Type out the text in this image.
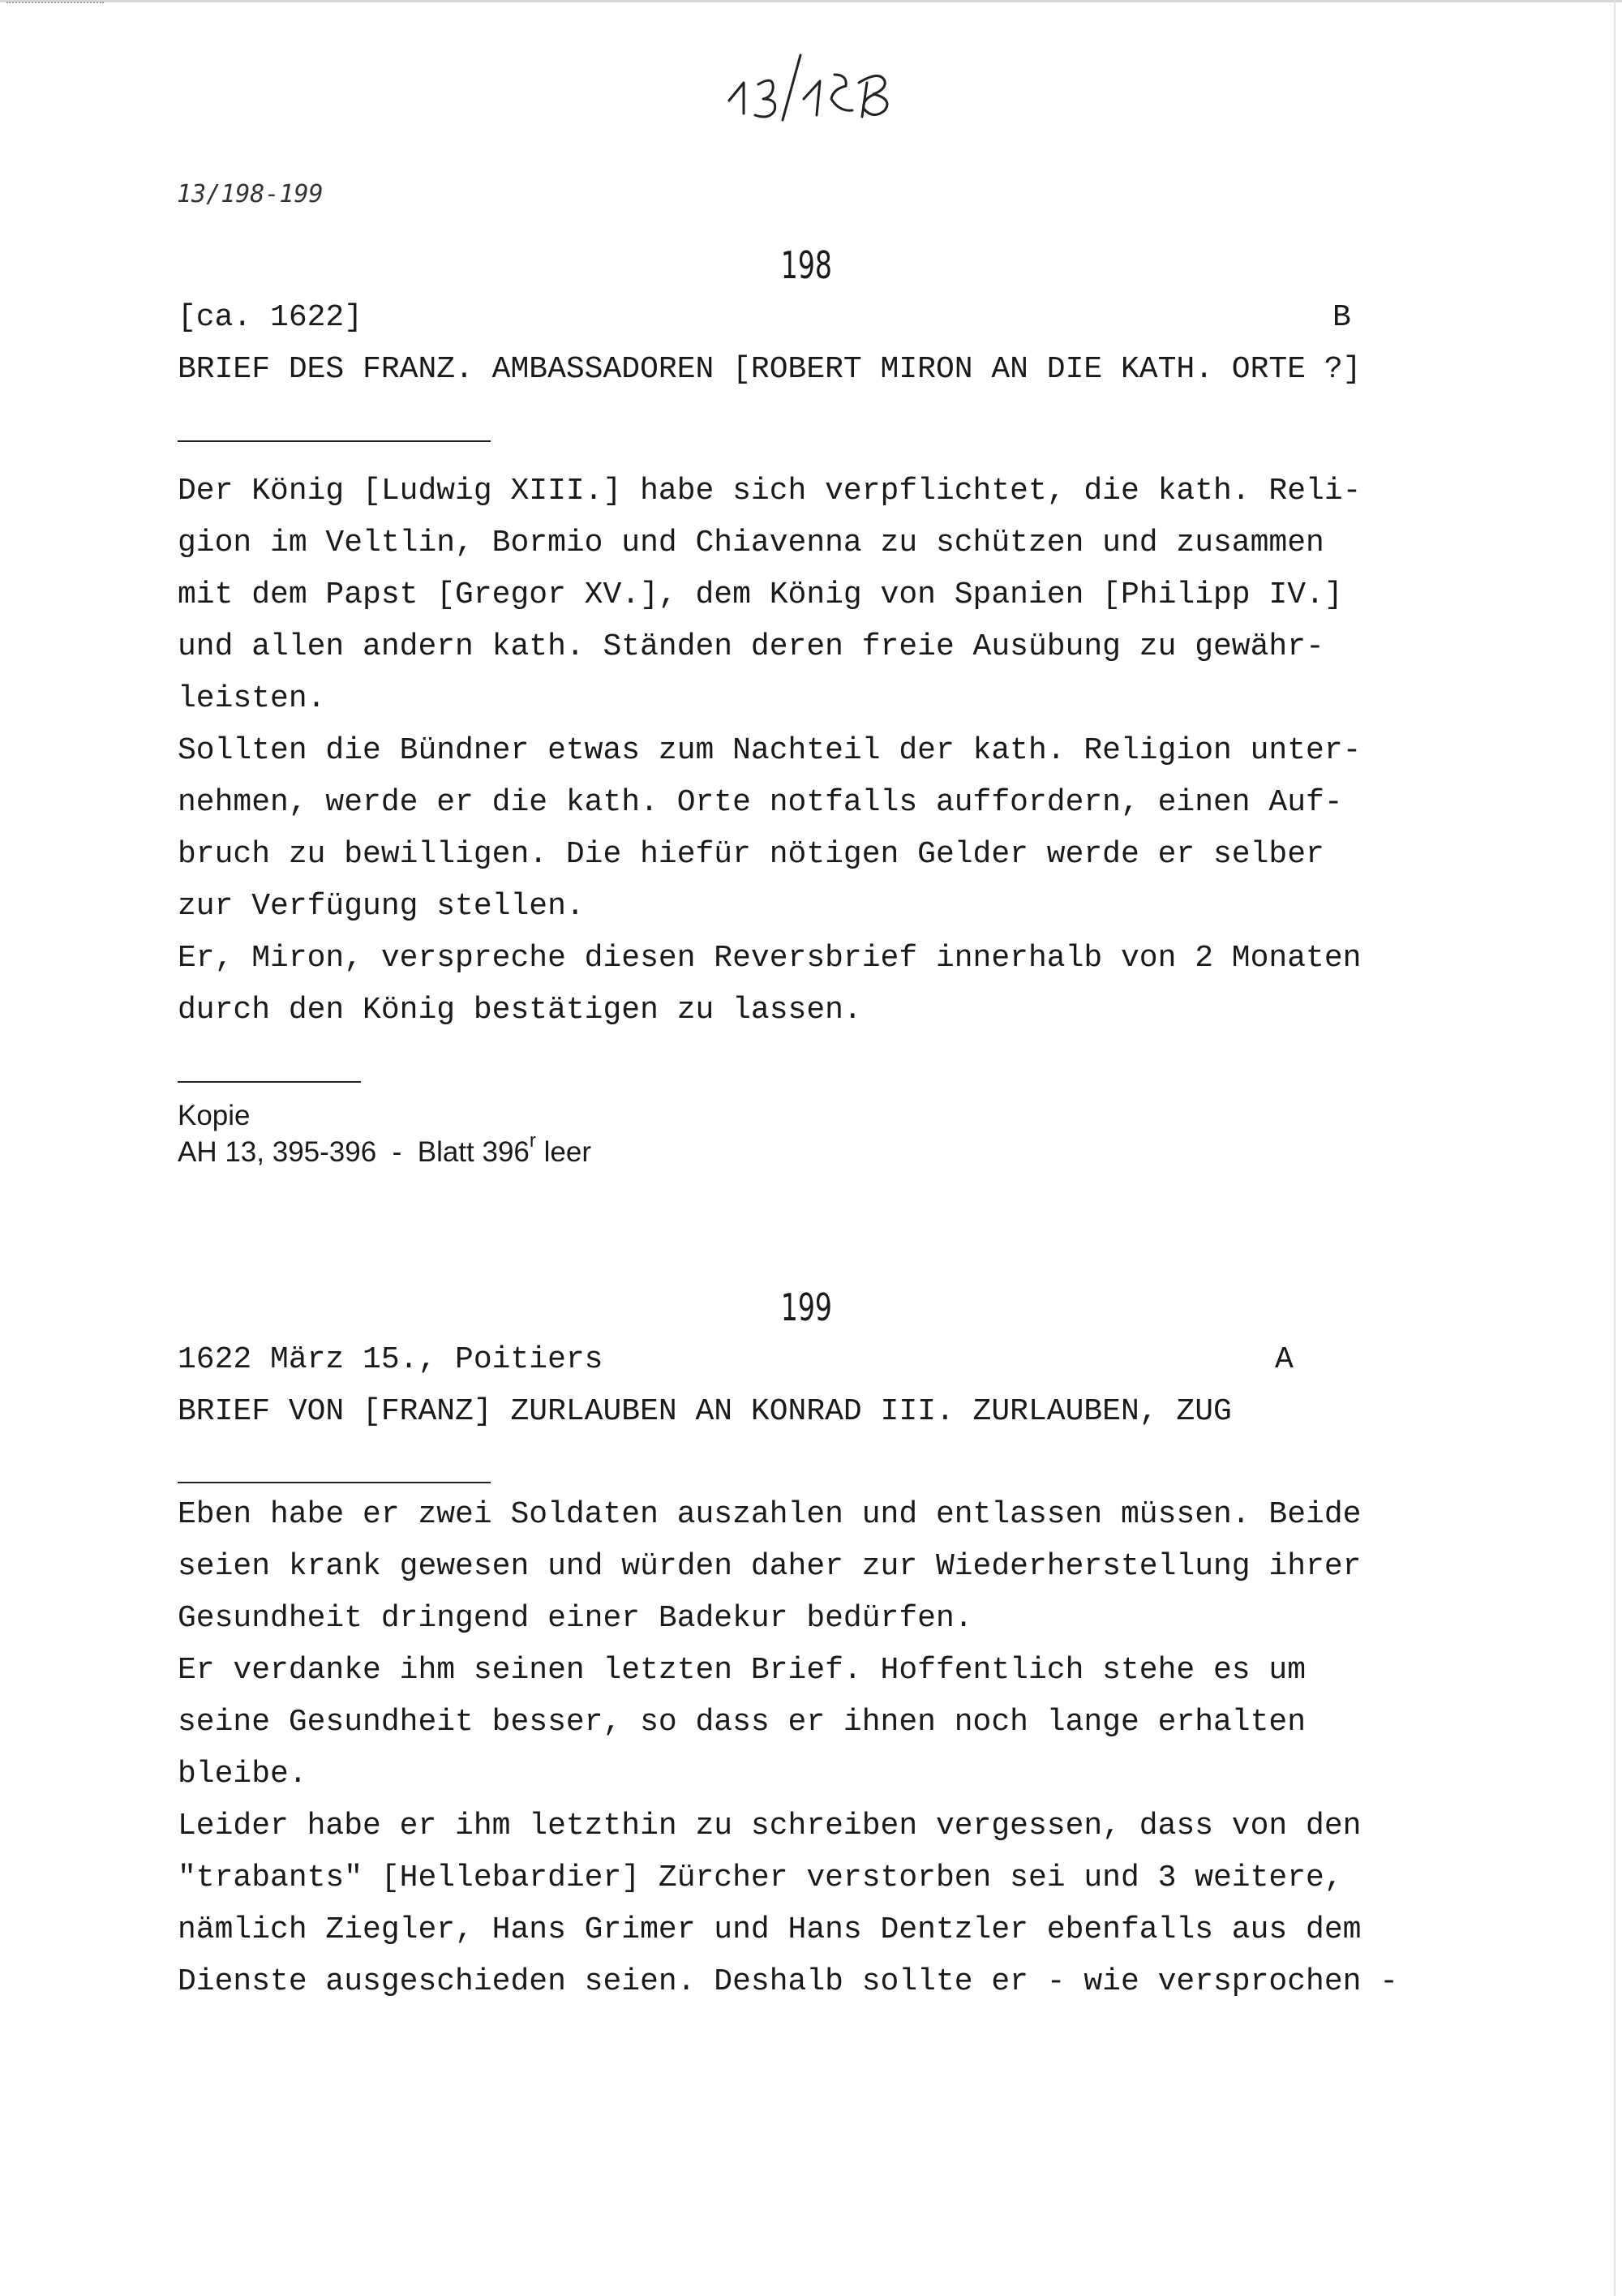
13/198-199
198
[ca. 1622]	B
BRIEF DES FRANZ. AMBASSADOREN [ROBERT MIRON AN DIE KATH. ORTE ?]
Der König [Ludwig XIII.] habe sich verpflichtet, die kath. Reli-
gion im Veltlin, Bormio und Chiavenna zu schützen und zusammen
mit dem Papst [Gregor XV.], dem König von Spanien [Philipp IV.]
und allen andern kath. Ständen deren freie Ausübung zu gewähr-
leisten.
Sollten die Bündner etwas zum Nachteil der kath. Religion unter-
nehmen, werde er die kath. Orte notfalls auffordern, einen Auf-
bruch zu bewilligen. Die hiefür nötigen Gelder werde er selber
zur Verfügung stellen.
Er, Miron, verspreche diesen Reversbrief innerhalb von 2 Monaten
durch den König bestätigen zu lassen.
Kopie
AH 13, 395-396  -  Blatt 396$^r$ leer
199
1622 März 15., Poitiers	A
BRIEF VON [FRANZ] ZURLAUBEN AN KONRAD III. ZURLAUBEN, ZUG
Eben habe er zwei Soldaten auszahlen und entlassen müssen. Beide
seien krank gewesen und würden daher zur Wiederherstellung ihrer
Gesundheit dringend einer Badekur bedürfen.
Er verdanke ihm seinen letzten Brief. Hoffentlich stehe es um
seine Gesundheit besser, so dass er ihnen noch lange erhalten
bleibe.
Leider habe er ihm letzthin zu schreiben vergessen, dass von den
"trabants" [Hellebardier] Zürcher verstorben sei und 3 weitere,
nämlich Ziegler, Hans Grimer und Hans Dentzler ebenfalls aus dem
Dienste ausgeschieden seien. Deshalb sollte er - wie versprochen -
